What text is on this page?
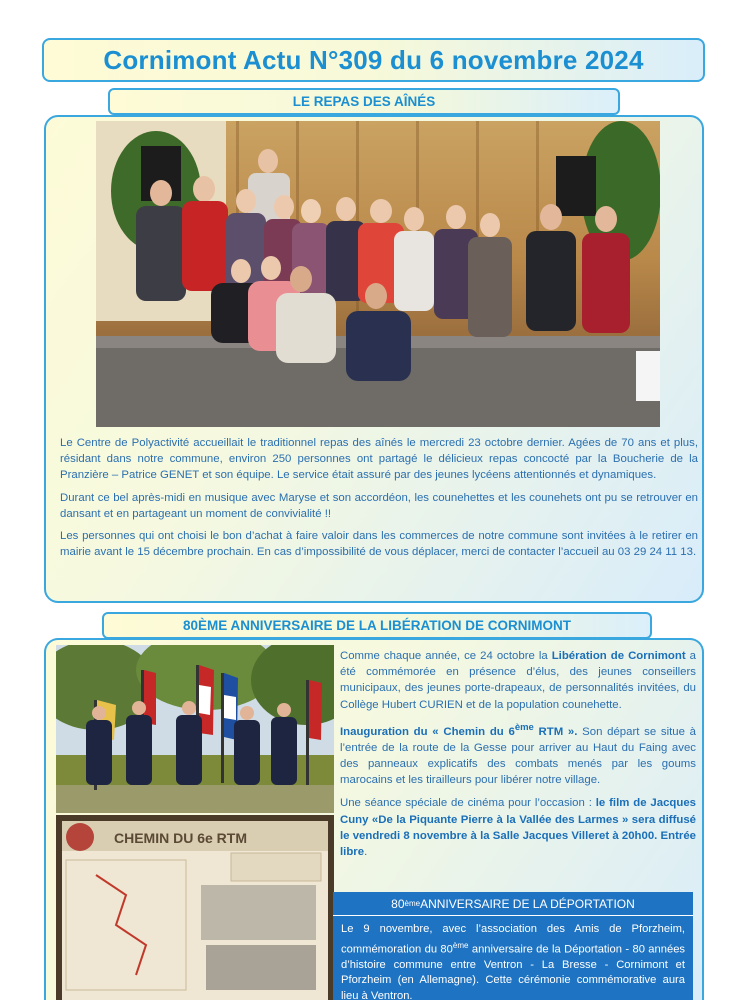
Cornimont Actu N°309 du 6 novembre 2024
LE REPAS DES AÎNÉS

Le Centre de Polyactivité accueillait le traditionnel repas des aînés le mercredi 23 octobre dernier. Agées de 70 ans et plus, résidant dans notre commune, environ 250 personnes ont partagé le délicieux repas concocté par la Boucherie de la Pranzière – Patrice GENET et son équipe. Le service était assuré par des jeunes lycéens attentionnés et dynamiques.

Durant ce bel après-midi en musique avec Maryse et son accordéon, les counehettes et les counehets ont pu se retrouver en dansant et en partageant un moment de convivialité !!

Les personnes qui ont choisi le bon d’achat à faire valoir dans les commerces de notre commune sont invitées à le retirer en mairie avant le 15 décembre prochain. En cas d’impossibilité de vous déplacer, merci de contacter l’accueil au 03 29 24 11 13.

80ÈME ANNIVERSAIRE DE LA LIBÉRATION DE CORNIMONT
CHEMIN DU 6e RTM

Comme chaque année, ce 24 octobre la Libération de Cornimont a été commémorée en présence d’élus, des jeunes conseillers municipaux, des jeunes porte-drapeaux, de personnalités invitées, du Collège Hubert CURIEN et de la population counehette.

Inauguration du « Chemin du 6ème RTM ». Son départ se situe à l’entrée de la route de la Gesse pour arriver au Haut du Faing avec des panneaux explicatifs des combats menés par les goums marocains et les tirailleurs pour libérer notre village.

Une séance spéciale de cinéma pour l’occasion : le film de Jacques Cuny «De la Piquante Pierre à la Vallée des Larmes » sera diffusé le vendredi 8 novembre à la Salle Jacques Villeret à 20h00. Entrée libre.

80 ème ANNIVERSAIRE DE LA DÉPORTATION
Le 9 novembre, avec l’association des Amis de Pforzheim, commémoration du 80ème anniversaire de la Déportation - 80 années d’histoire commune entre Ventron - La Bresse - Cornimont et Pforzheim (en Allemagne). Cette cérémonie commémorative aura lieu à Ventron.
